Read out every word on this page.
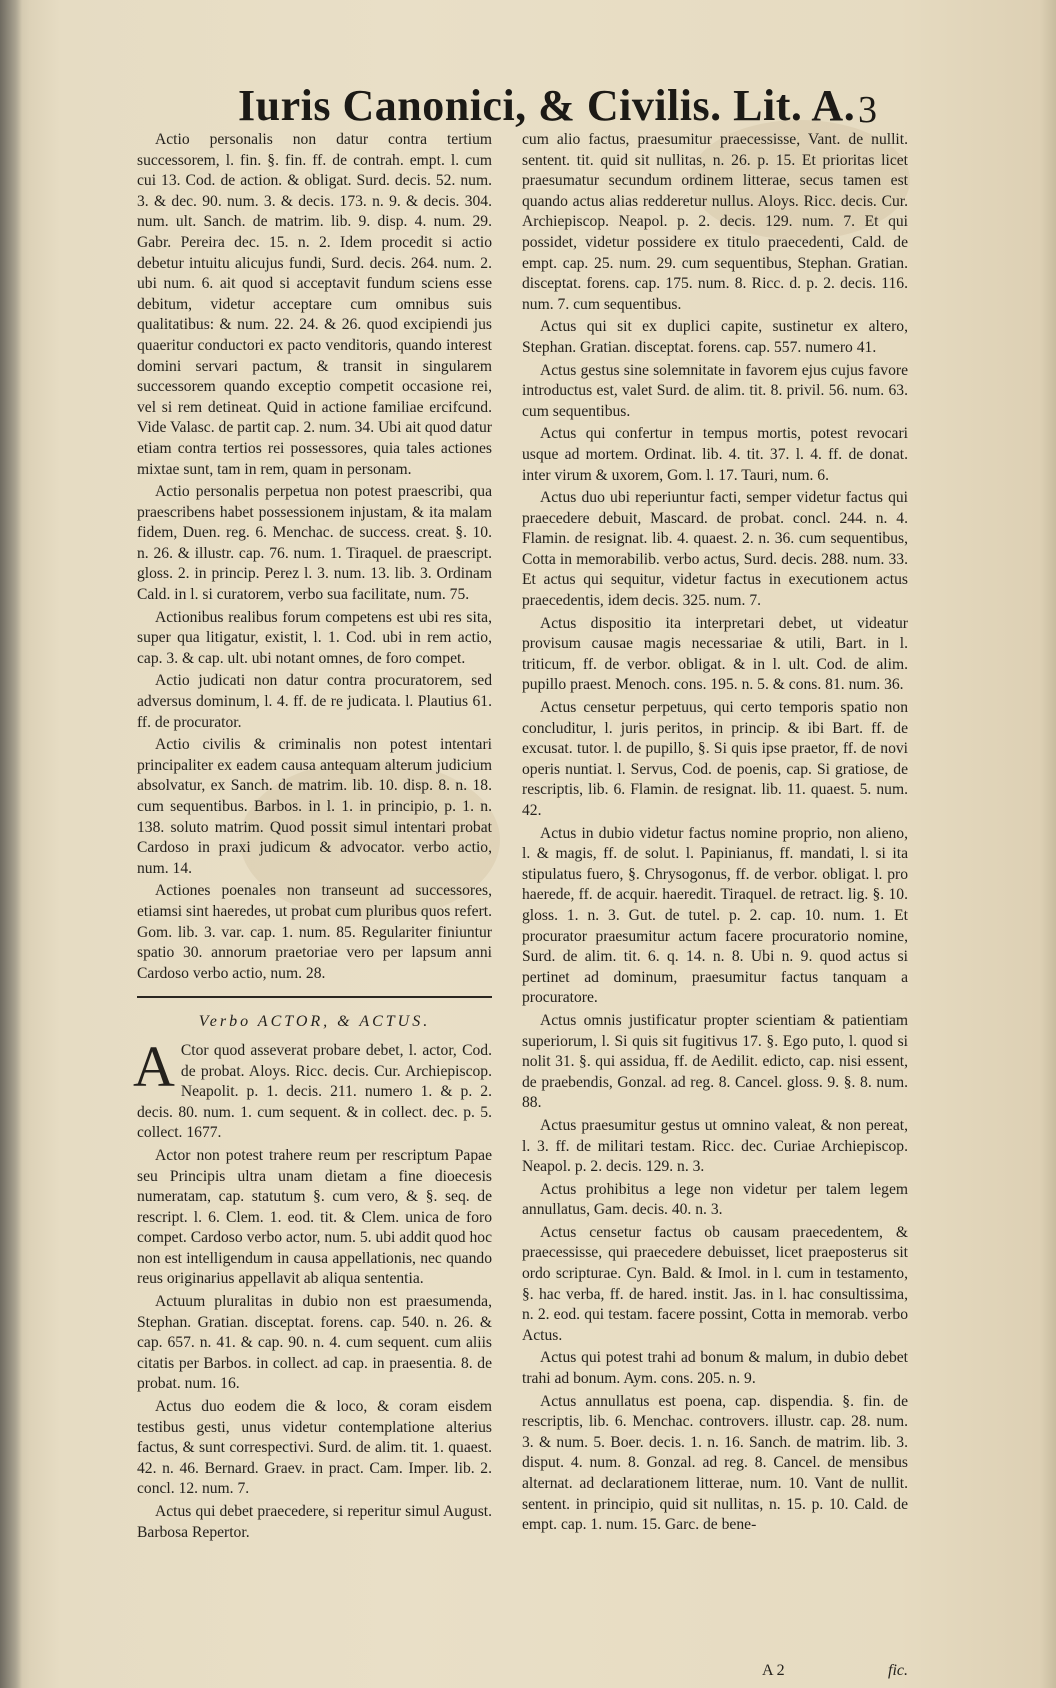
Iuris Canonici, & Civilis. Lit. A. 3

Actio personalis non datur contra tertium successorem, l. fin. §. fin. ff. de contrah. empt. l. cum cui 13. Cod. de action. & obligat. Surd. decis. 52. num. 3. & dec. 90. num. 3. & decis. 173. n. 9. & decis. 304. num. ult. Sanch. de matrim. lib. 9. disp. 4. num. 29. Gabr. Pereira dec. 15. n. 2. Idem procedit si actio debetur intuitu alicujus fundi, Surd. decis. 264. num. 2. ubi num. 6. ait quod si acceptavit fundum sciens esse debitum, videtur acceptare cum omnibus suis qualitatibus: & num. 22. 24. & 26. quod excipiendi jus quaeritur conductori ex pacto venditoris, quando interest domini servari pactum, & transit in singularem successorem quando exceptio competit occasione rei, vel si rem detineat. Quid in actione familiae ercifcund. Vide Valasc. de partit cap. 2. num. 34. Ubi ait quod datur etiam contra tertios rei possessores, quia tales actiones mixtae sunt, tam in rem, quam in personam.

Actio personalis perpetua non potest praescribi, qua praescribens habet possessionem injustam, & ita malam fidem, Duen. reg. 6. Menchac. de success. creat. §. 10. n. 26. & illustr. cap. 76. num. 1. Tiraquel. de praescript. gloss. 2. in princip. Perez l. 3. num. 13. lib. 3. Ordinam Cald. in l. si curatorem, verbo sua facilitate, num. 75.

Actionibus realibus forum competens est ubi res sita, super qua litigatur, existit, l. 1. Cod. ubi in rem actio, cap. 3. & cap. ult. ubi notant omnes, de foro compet.

Actio judicati non datur contra procuratorem, sed adversus dominum, l. 4. ff. de re judicata. l. Plautius 61. ff. de procurator.

Actio civilis & criminalis non potest intentari principaliter ex eadem causa antequam alterum judicium absolvatur, ex Sanch. de matrim. lib. 10. disp. 8. n. 18. cum sequentibus. Barbos. in l. 1. in principio, p. 1. n. 138. soluto matrim. Quod possit simul intentari probat Cardoso in praxi judicum & advocator. verbo actio, num. 14.

Actiones poenales non transeunt ad successores, etiamsi sint haeredes, ut probat cum pluribus quos refert. Gom. lib. 3. var. cap. 1. num. 85. Regulariter finiuntur spatio 30. annorum praetoriae vero per lapsum anni Cardoso verbo actio, num. 28.

Verbo ACTOR, & ACTUS.

A Ctor quod asseverat probare debet, l. actor, Cod. de probat. Aloys. Ricc. decis. Cur. Archiepiscop. Neapolit. p. 1. decis. 211. numero 1. & p. 2. decis. 80. num. 1. cum sequent. & in collect. dec. p. 5. collect. 1677.

Actor non potest trahere reum per rescriptum Papae seu Principis ultra unam dietam a fine dioecesis numeratam, cap. statutum §. cum vero, & §. seq. de rescript. l. 6. Clem. 1. eod. tit. & Clem. unica de foro compet. Cardoso verbo actor, num. 5. ubi addit quod hoc non est intelligendum in causa appellationis, nec quando reus originarius appellavit ab aliqua sententia.

Actuum pluralitas in dubio non est praesumenda, Stephan. Gratian. disceptat. forens. cap. 540. n. 26. & cap. 657. n. 41. & cap. 90. n. 4. cum sequent. cum aliis citatis per Barbos. in collect. ad cap. in praesentia. 8. de probat. num. 16.

Actus duo eodem die & loco, & coram eisdem testibus gesti, unus videtur contemplatione alterius factus, & sunt correspectivi. Surd. de alim. tit. 1. quaest. 42. n. 46. Bernard. Graev. in pract. Cam. Imper. lib. 2. concl. 12. num. 7.

Actus qui debet praecedere, si reperitur simul August. Barbosa Repertor.

cum alio factus, praesumitur praecessisse, Vant. de nullit. sentent. tit. quid sit nullitas, n. 26. p. 15. Et prioritas licet praesumatur secundum ordinem litterae, secus tamen est quando actus alias redderetur nullus. Aloys. Ricc. decis. Cur. Archiepiscop. Neapol. p. 2. decis. 129. num. 7. Et qui possidet, videtur possidere ex titulo praecedenti, Cald. de empt. cap. 25. num. 29. cum sequentibus, Stephan. Gratian. disceptat. forens. cap. 175. num. 8. Ricc. d. p. 2. decis. 116. num. 7. cum sequentibus.

Actus qui sit ex duplici capite, sustinetur ex altero, Stephan. Gratian. disceptat. forens. cap. 557. numero 41.

Actus gestus sine solemnitate in favorem ejus cujus favore introductus est, valet Surd. de alim. tit. 8. privil. 56. num. 63. cum sequentibus.

Actus qui confertur in tempus mortis, potest revocari usque ad mortem. Ordinat. lib. 4. tit. 37. l. 4. ff. de donat. inter virum & uxorem, Gom. l. 17. Tauri, num. 6.

Actus duo ubi reperiuntur facti, semper videtur factus qui praecedere debuit, Mascard. de probat. concl. 244. n. 4. Flamin. de resignat. lib. 4. quaest. 2. n. 36. cum sequentibus, Cotta in memorabilib. verbo actus, Surd. decis. 288. num. 33. Et actus qui sequitur, videtur factus in executionem actus praecedentis, idem decis. 325. num. 7.

Actus dispositio ita interpretari debet, ut videatur provisum causae magis necessariae & utili, Bart. in l. triticum, ff. de verbor. obligat. & in l. ult. Cod. de alim. pupillo praest. Menoch. cons. 195. n. 5. & cons. 81. num. 36.

Actus censetur perpetuus, qui certo temporis spatio non concluditur, l. juris peritos, in princip. & ibi Bart. ff. de excusat. tutor. l. de pupillo, §. Si quis ipse praetor, ff. de novi operis nuntiat. l. Servus, Cod. de poenis, cap. Si gratiose, de rescriptis, lib. 6. Flamin. de resignat. lib. 11. quaest. 5. num. 42.

Actus in dubio videtur factus nomine proprio, non alieno, l. & magis, ff. de solut. l. Papinianus, ff. mandati, l. si ita stipulatus fuero, §. Chrysogonus, ff. de verbor. obligat. l. pro haerede, ff. de acquir. haeredit. Tiraquel. de retract. lig. §. 10. gloss. 1. n. 3. Gut. de tutel. p. 2. cap. 10. num. 1. Et procurator praesumitur actum facere procuratorio nomine, Surd. de alim. tit. 6. q. 14. n. 8. Ubi n. 9. quod actus si pertinet ad dominum, praesumitur factus tanquam a procuratore.

Actus omnis justificatur propter scientiam & patientiam superiorum, l. Si quis sit fugitivus 17. §. Ego puto, l. quod si nolit 31. §. qui assidua, ff. de Aedilit. edicto, cap. nisi essent, de praebendis, Gonzal. ad reg. 8. Cancel. gloss. 9. §. 8. num. 88.

Actus praesumitur gestus ut omnino valeat, & non pereat, l. 3. ff. de militari testam. Ricc. dec. Curiae Archiepiscop. Neapol. p. 2. decis. 129. n. 3.

Actus prohibitus a lege non videtur per talem legem annullatus, Gam. decis. 40. n. 3.

Actus censetur factus ob causam praecedentem, & praecessisse, qui praecedere debuisset, licet praeposterus sit ordo scripturae. Cyn. Bald. & Imol. in l. cum in testamento, §. hac verba, ff. de hared. instit. Jas. in l. hac consultissima, n. 2. eod. qui testam. facere possint, Cotta in memorab. verbo Actus.

Actus qui potest trahi ad bonum & malum, in dubio debet trahi ad bonum. Aym. cons. 205. n. 9.

Actus annullatus est poena, cap. dispendia. §. fin. de rescriptis, lib. 6. Menchac. controvers. illustr. cap. 28. num. 3. & num. 5. Boer. decis. 1. n. 16. Sanch. de matrim. lib. 3. disput. 4. num. 8. Gonzal. ad reg. 8. Cancel. de mensibus alternat. ad declarationem litterae, num. 10. Vant de nullit. sentent. in principio, quid sit nullitas, n. 15. p. 10. Cald. de empt. cap. 1. num. 15. Garc. de bene-

A 2	fic.
